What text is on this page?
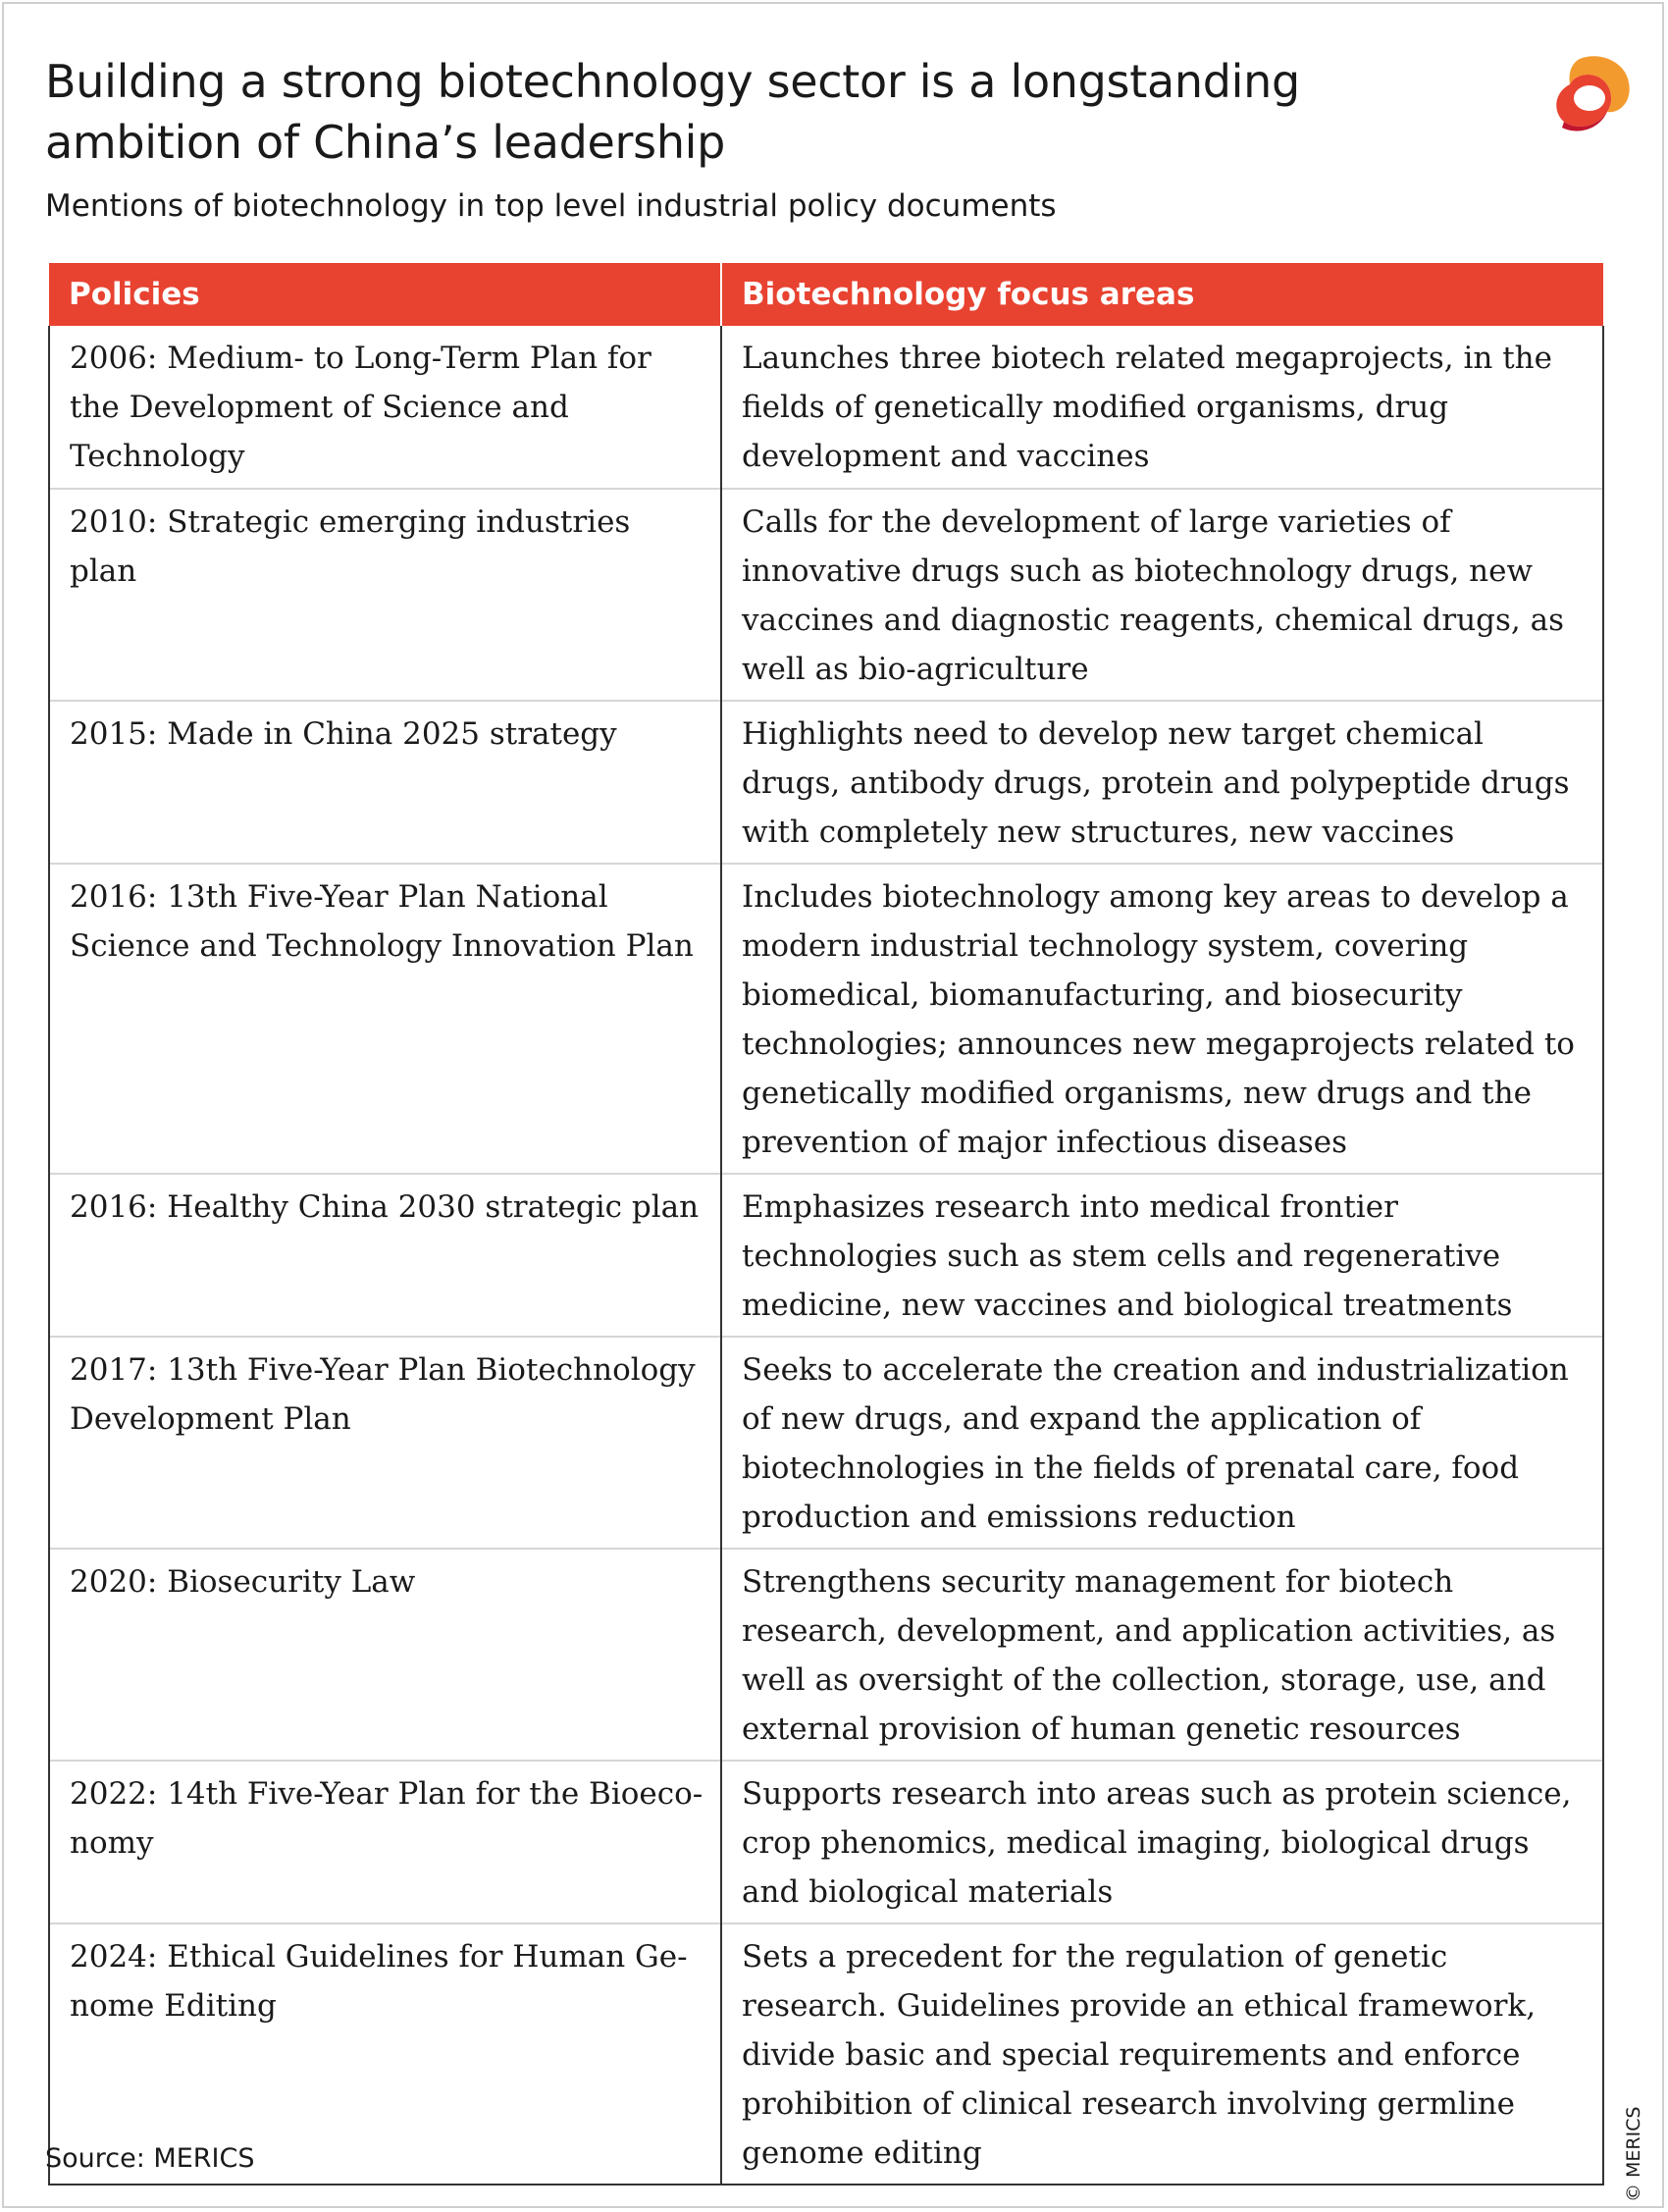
Building a strong biotechnology sector is a longstanding ambition of China’s leadership

Mentions of biotechnology in top level industrial policy documents

Policies	Biotechnology focus areas
2006: Medium- to Long-Term Plan for the Development of Science and Technology	Launches three biotech related megaprojects, in the fields of genetically modified organisms, drug development and vaccines
2010: Strategic emerging industries plan	Calls for the development of large varieties of innovative drugs such as biotechnology drugs, new vaccines and diagnostic reagents, chemical drugs, as well as bio-agriculture
2015: Made in China 2025 strategy	Highlights need to develop new target chemical drugs, antibody drugs, protein and polypeptide drugs with completely new structures, new vaccines
2016: 13th Five-Year Plan National Science and Technology Innovation Plan	Includes biotechnology among key areas to develop a modern industrial technology system, covering biomedical, biomanufacturing, and biosecurity technologies; announces new megaprojects related to genetically modified organisms, new drugs and the prevention of major infectious diseases
2016: Healthy China 2030 strategic plan	Emphasizes research into medical frontier technologies such as stem cells and regenerative medicine, new vaccines and biological treatments
2017: 13th Five-Year Plan Biotechnology Development Plan	Seeks to accelerate the creation and industrialization of new drugs, and expand the application of biotechnologies in the fields of prenatal care, food production and emissions reduction
2020: Biosecurity Law	Strengthens security management for biotech research, development, and application activities, as well as oversight of the collection, storage, use, and external provision of human genetic resources
2022: 14th Five-Year Plan for the Bioeconomy	Supports research into areas such as protein science, crop phenomics, medical imaging, biological drugs and biological materials
2024: Ethical Guidelines for Human Genome Editing	Sets a precedent for the regulation of genetic research. Guidelines provide an ethical framework, divide basic and special requirements and enforce prohibition of clinical research involving germline genome editing
Source: MERICS	© MERICS
